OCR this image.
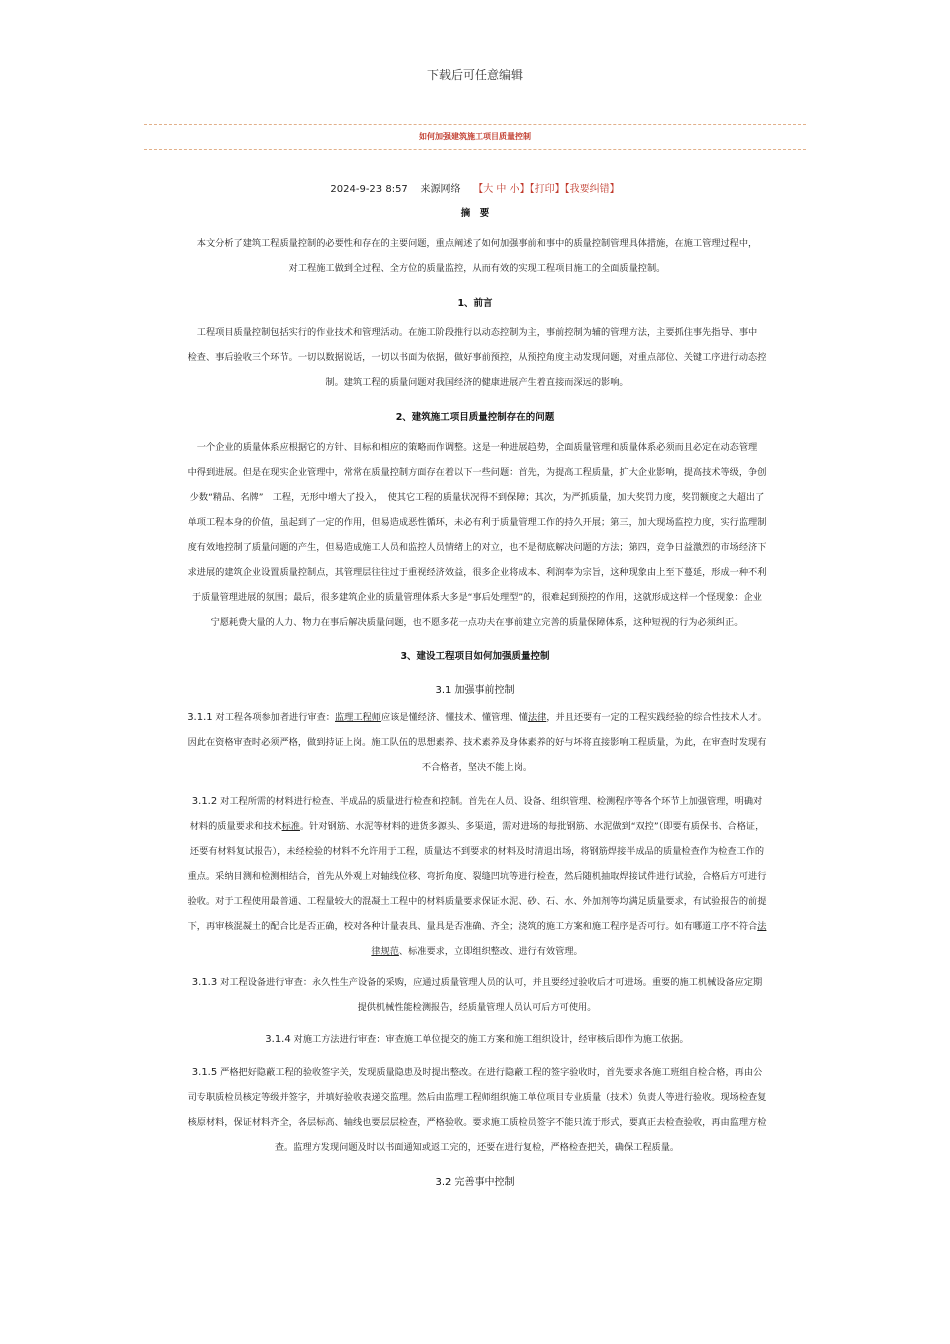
下载后可任意编辑
如何加强建筑施工项目质量控制
2024-9-23 8:57 来源网络 【大 中 小】【打印】【我要纠错】
摘　要
本文分析了建筑工程质量控制的必要性和存在的主要问题，重点阐述了如何加强事前和事中的质量控制管理具体措施，在施工管理过程中，
对工程施工做到全过程、全方位的质量监控，从而有效的实现工程项目施工的全面质量控制。
1、前言
工程项目质量控制包括实行的作业技术和管理活动。在施工阶段推行以动态控制为主，事前控制为辅的管理方法，主要抓住事先指导、事中
检查、事后验收三个环节。一切以数据说话，一切以书面为依据，做好事前预控，从预控角度主动发现问题，对重点部位、关键工序进行动态控
制。建筑工程的质量问题对我国经济的健康进展产生着直接而深远的影响。
2、建筑施工项目质量控制存在的问题
一个企业的质量体系应根据它的方针、目标和相应的策略而作调整。这是一种进展趋势，全面质量管理和质量体系必须而且必定在动态管理
中得到进展。但是在现实企业管理中，常常在质量控制方面存在着以下一些问题：首先，为提高工程质量，扩大企业影响，提高技术等级，争创
少数“精品、名牌”　工程，无形中增大了投入，　使其它工程的质量状况得不到保障；其次，为严抓质量，加大奖罚力度，奖罚额度之大超出了
单项工程本身的价值，虽起到了一定的作用，但易造成恶性循环，未必有利于质量管理工作的持久开展；第三，加大现场监控力度，实行监理制
度有效地控制了质量问题的产生，但易造成施工人员和监控人员情绪上的对立，也不是彻底解决问题的方法；第四，竞争日益激烈的市场经济下
求进展的建筑企业设置质量控制点，其管理层往往过于重视经济效益，很多企业将成本、利润奉为宗旨，这种现象由上至下蔓延，形成一种不利
于质量管理进展的氛围；最后，很多建筑企业的质量管理体系大多是“事后处理型”的，很难起到预控的作用，这就形成这样一个怪现象：企业
宁愿耗费大量的人力、物力在事后解决质量问题，也不愿多花一点功夫在事前建立完善的质量保障体系，这种短视的行为必须纠正。
3、建设工程项目如何加强质量控制
3.1 加强事前控制
3.1.1 对工程各项参加者进行审查：监理工程师应该是懂经济、懂技术、懂管理、懂法律，并且还要有一定的工程实践经验的综合性技术人才。
因此在资格审查时必须严格，做到持证上岗。施工队伍的思想素养、技术素养及身体素养的好与坏将直接影响工程质量，为此，在审查时发现有
不合格者，坚决不能上岗。
3.1.2 对工程所需的材料进行检查、半成品的质量进行检查和控制。首先在人员、设备、组织管理、检测程序等各个环节上加强管理，明确对
材料的质量要求和技术标准。针对钢筋、水泥等材料的进货多源头、多渠道，需对进场的每批钢筋、水泥做到“双控”（即要有质保书、合格证，
还要有材料复试报告），未经检验的材料不允许用于工程，质量达不到要求的材料及时清退出场，将钢筋焊接半成品的质量检查作为检查工作的
重点。采纳目测和检测相结合，首先从外观上对轴线位移、弯折角度、裂缝凹坑等进行检查，然后随机抽取焊接试件进行试验，合格后方可进行
验收。对于工程使用最普通、工程量较大的混凝土工程中的材料质量要求保证水泥、砂、石、水、外加剂等均满足质量要求，有试验报告的前提
下，再审核混凝土的配合比是否正确，校对各种计量表具、量具是否准确、齐全；浇筑的施工方案和施工程序是否可行。如有哪道工序不符合法
律规范、标准要求，立即组织整改、进行有效管理。
3.1.3 对工程设备进行审查：永久性生产设备的采购，应通过质量管理人员的认可，并且要经过验收后才可进场。重要的施工机械设备应定期
提供机械性能检测报告，经质量管理人员认可后方可使用。
3.1.4 对施工方法进行审查：审查施工单位提交的施工方案和施工组织设计，经审核后即作为施工依据。
3.1.5 严格把好隐蔽工程的验收签字关，发现质量隐患及时提出整改。在进行隐蔽工程的签字验收时，首先要求各施工班组自检合格，再由公
司专职质检员核定等级并签字，并填好验收表递交监理。然后由监理工程师组织施工单位项目专业质量（技术）负责人等进行验收。现场检查复
核原材料，保证材料齐全，各层标高、轴线也要层层检查，严格验收。要求施工质检员签字不能只流于形式，要真正去检查验收，再由监理方检
查。监理方发现问题及时以书面通知或返工完的，还要在进行复检，严格检查把关，确保工程质量。
3.2 完善事中控制
